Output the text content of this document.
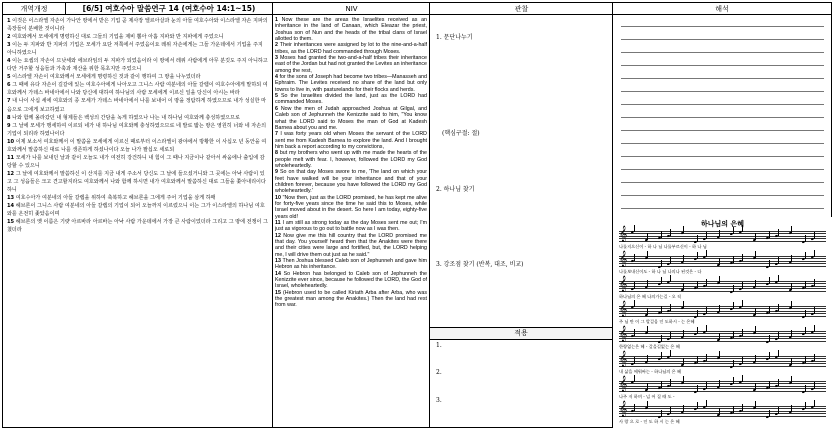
개역개정	[6/5] 여호수아 말씀연구 14 (여호수아 14:1~15)	NIV	관찰	해석

1 이것은 이스라엘 자손이 가나안 땅에서 받은 기업 곧 제사장 엘르아살과 눈의 아들 여호수아와 이스라엘 자손 지파의 족장들이 분배한 것이니라

2 여호와께서 모세에게 명령하신 대로 그들의 기업을 제비 뽑아 아홉 지파와 반 지파에게 주었으니

3 이는 두 지파와 반 지파의 기업은 모세가 요단 저쪽에서 주었음이요 레위 자손에게는 그들 가운데에서 기업을 주지 아니하였으니

4 이는 요셉의 자손이 므낫세와 에브라임의 두 지파가 되었음이라 이 땅에서 레위 사람에게 아무 분깃도 주지 아니하고 다만 거주할 성읍들과 가축과 재산을 위한 목초지만 주었으니

5 이스라엘 자손이 여호와께서 모세에게 명령하신 것과 같이 행하여 그 땅을 나누었더라

6 그 때에 유다 자손이 길갈에 있는 여호수아에게 나아오고 그니스 사람 여분네의 아들 갈렙이 여호수아에게 말하되 여호와께서 가데스 바네아에서 나와 당신에 대하여 하나님의 사람 모세에게 이르신 일을 당신이 아시는 바라

7 내 나이 사십 세에 여호와의 종 모세가 가데스 바네아에서 나를 보내어 이 땅을 정탐하게 하였으므로 내가 성실한 마음으로 그에게 보고하였고

8 나와 함께 올라갔던 내 형제들은 백성의 간담을 녹게 하였으나 나는 내 하나님 여호와께 충성하였으므로

9 그 날에 모세가 맹세하여 이르되 네가 내 하나님 여호와께 충성하였으므로 네 발로 밟는 땅은 영원히 너와 네 자손의 기업이 되리라 하였나이다

10 이제 보소서 여호와께서 이 말씀을 모세에게 이르신 때로부터 이스라엘이 광야에서 방황한 이 사십오 년 동안을 여호와께서 말씀하신 대로 나를 생존하게 하셨나이다 오늘 나가 팔십오 세로되

11 모세가 나를 보내던 날과 같이 오늘도 내가 여전히 강건하니 내 힘이 그 때나 지금이나 같아서 싸움에나 출입에 감당할 수 있으니

12 그 날에 여호와께서 말씀하신 이 산지를 지금 내게 주소서 당신도 그 날에 들으셨거니와 그 곳에는 아낙 사람이 있고 그 성읍들은 크고 견고할지라도 여호와께서 나와 함께 하시면 내가 여호와께서 말씀하신 대로 그들을 쫓아내리이다 하니

13 여호수아가 여분네의 아들 갈렙을 위하여 축복하고 헤브론을 그에게 주어 기업을 삼게 하매

14 헤브론이 그니스 사람 여분네의 아들 갈렙의 기업이 되어 오늘까지 이르렀으니 이는 그가 이스라엘의 하나님 여호와를 온전히 좇았음이며

15 헤브론의 옛 이름은 기럇 아르바라 아르바는 아낙 사람 가운데에서 가장 큰 사람이었더라 그리고 그 땅에 전쟁이 그쳤더라

1 Now these are the areas the Israelites received as an inheritance in the land of Canaan, which Eleazar the priest, Joshua son of Nun and the heads of the tribal clans of Israel allotted to them.

2 Their inheritances were assigned by lot to the nine-and-a-half tribes, as the LORD had commanded through Moses.

3 Moses had granted the two-and-a-half tribes their inheritance east of the Jordan but had not granted the Levites an inheritance among the rest,

4 for the sons of Joseph had become two tribes—Manasseh and Ephraim. The Levites received no share of the land but only towns to live in, with pasturelands for their flocks and herds.

5 So the Israelites divided the land, just as the LORD had commanded Moses.

6 Now the men of Judah approached Joshua at Gilgal, and Caleb son of Jephunneh the Kenizzite said to him, "You know what the LORD said to Moses the man of God at Kadesh Barnea about you and me.

7 I was forty years old when Moses the servant of the LORD sent me from Kadesh Barnea to explore the land. And I brought him back a report according to my convictions,

8 but my brothers who went up with me made the hearts of the people melt with fear. I, however, followed the LORD my God wholeheartedly.

9 So on that day Moses swore to me, 'The land on which your feet have walked will be your inheritance and that of your children forever, because you have followed the LORD my God wholeheartedly.'

10 "Now then, just as the LORD promised, he has kept me alive for forty-five years since the time he said this to Moses, while Israel moved about in the desert. So here I am today, eighty-five years old!

11 I am still as strong today as the day Moses sent me out; I'm just as vigorous to go out to battle now as I was then.

12 Now give me this hill country that the LORD promised me that day. You yourself heard then that the Anakites were there and their cities were large and fortified, but, the LORD helping me, I will drive them out just as he said."

13 Then Joshua blessed Caleb son of Jephunneh and gave him Hebron as his inheritance.

14 So Hebron has belonged to Caleb son of Jephunneh the Kenizzite ever since, because he followed the LORD, the God of Israel, wholeheartedly.

15 (Hebron used to be called Kiriath Arba after Arba, who was the greatest man among the Anakites.) Then the land had rest from war.

1. 문단나누기
(핵심구절: 절)
2. 하나님 찾기
3. 강조점 찾기 (반복, 대조, 비교)
적용
1.
2.
3.
하나님의 은혜
𝄞
나를지으신이 - 하 나 님 나를부르신이 - 하 나 님
𝄞
나를보내신이도 - 하 나 님 나의나 된것은 - 다
𝄞
하나님의 은 혜 나의가는길 - 오 직
𝄞
주 님 만 이 그 발걸음 인 도하시 - 는 은혜
𝄞
한량없는은 혜 - 갚을길없는 은 혜
𝄞
내 삶을 에워싸는 - 하나님의 은 혜
𝄞
나주 저 하며 - 넘 어 질 때 도 -
𝄞
사 랑 으 로 - 인 도 하 시 는 은 혜
